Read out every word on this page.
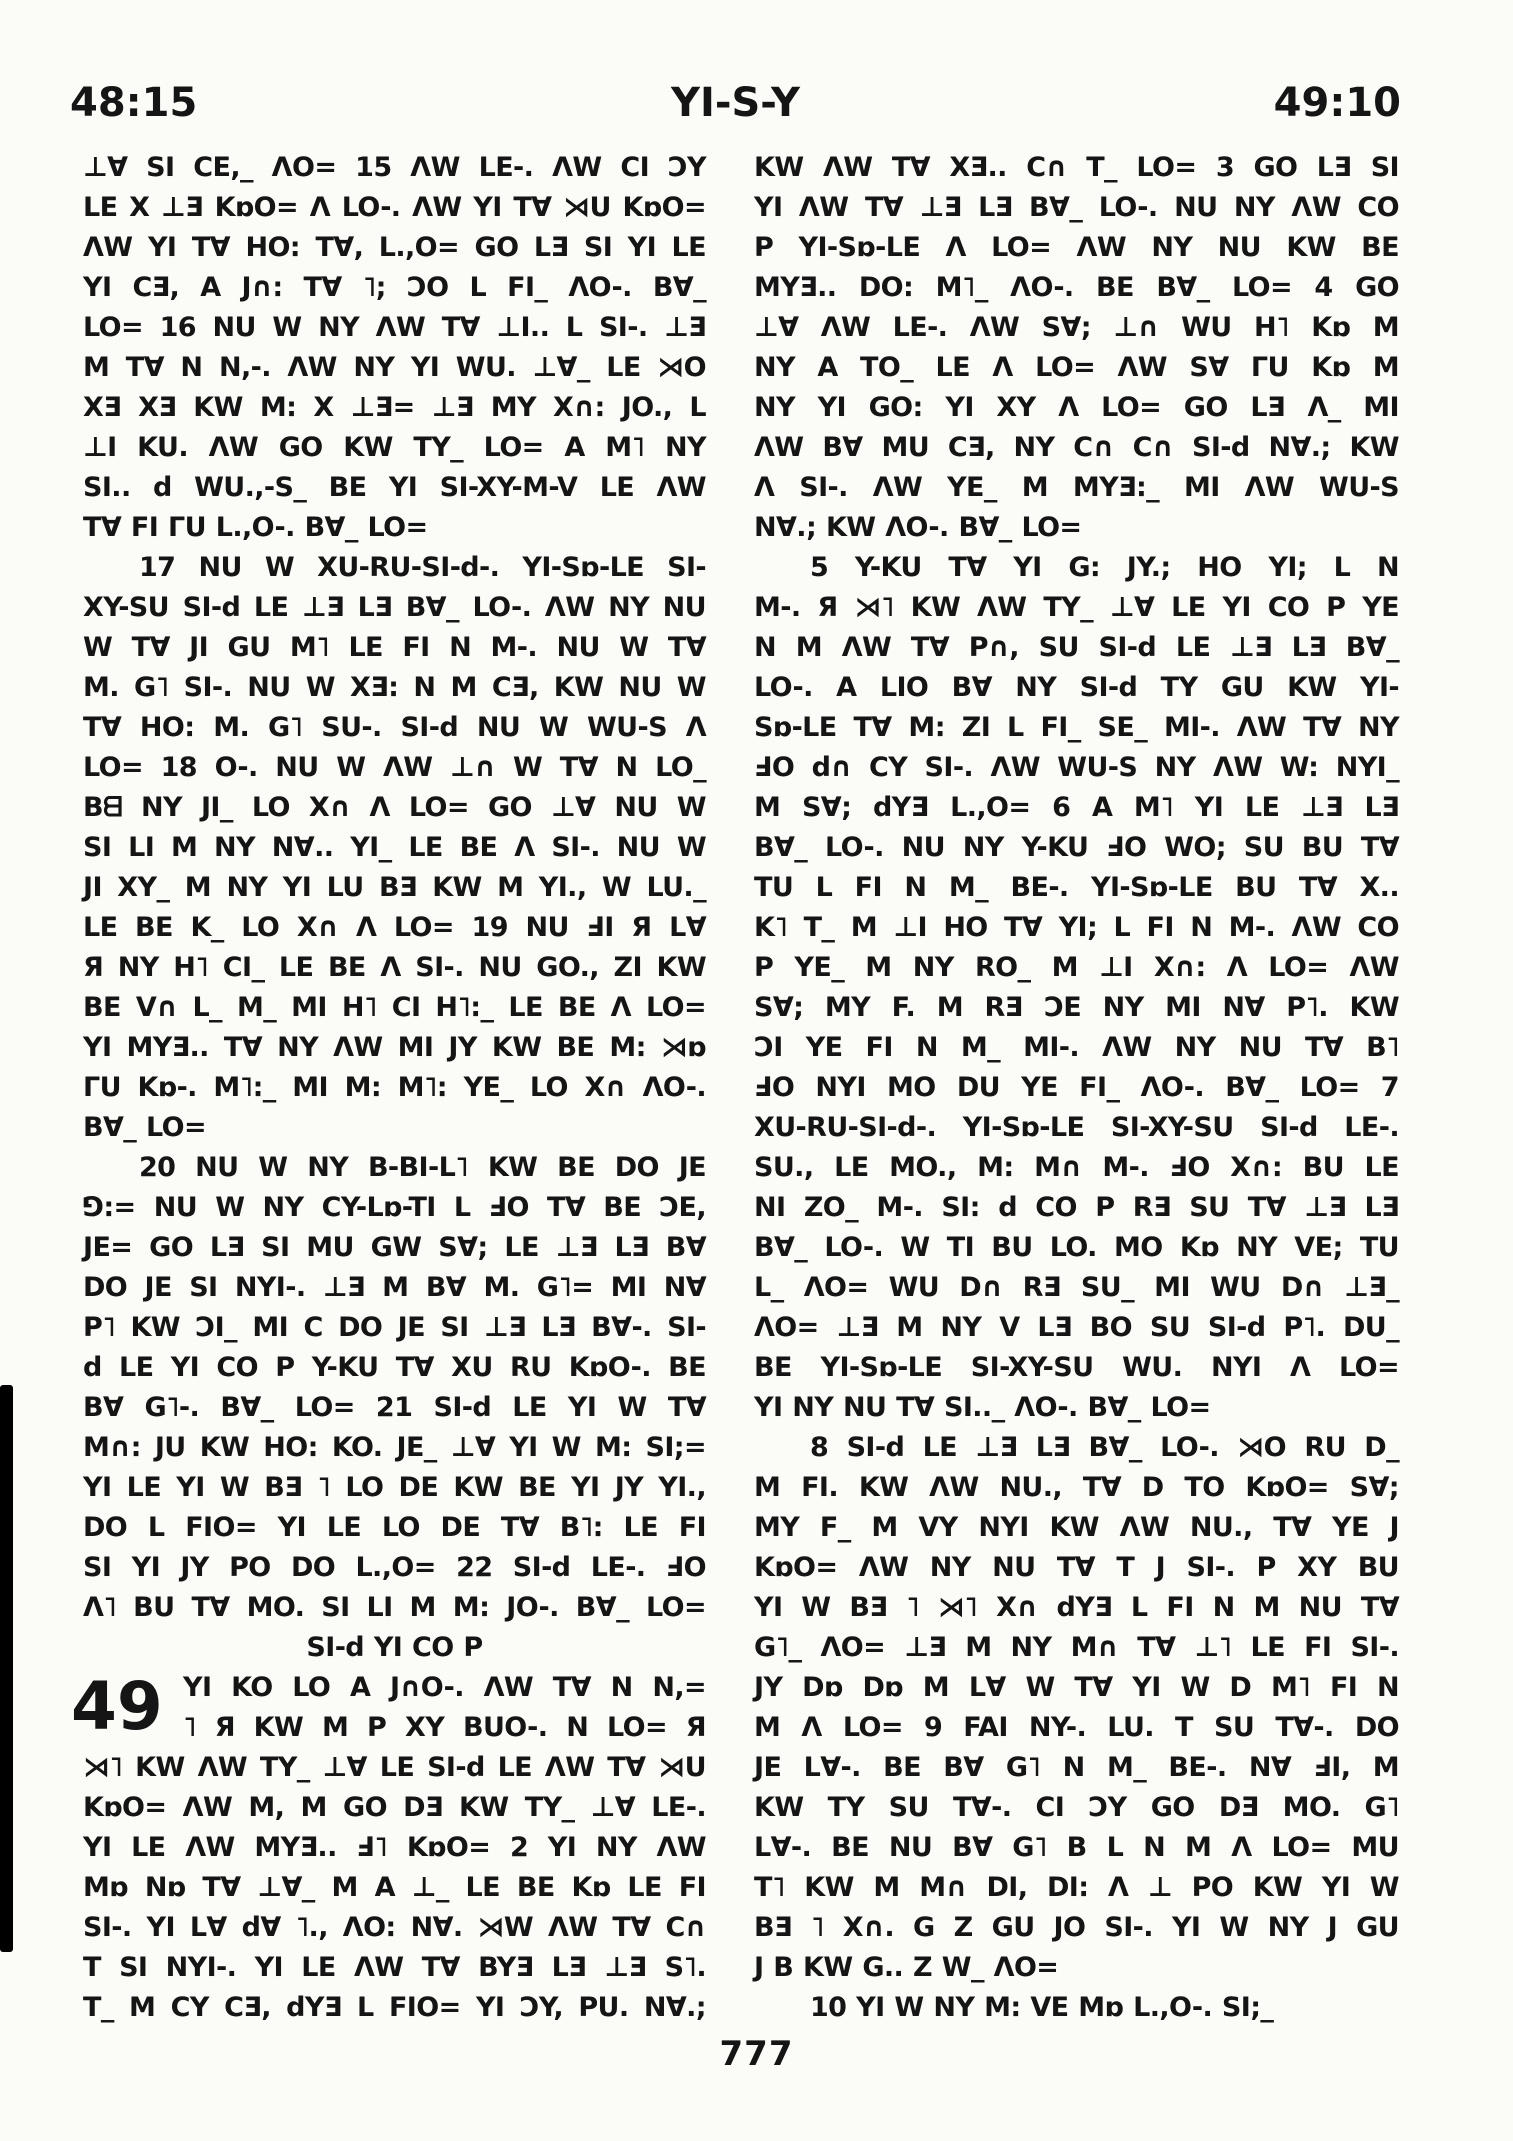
48:15	YI-S-Y	49:10
⊥∀ SI CE,_ ɅO= 15 ɅW LE-. ɅW CI ƆY
LE X ⊥Ǝ KɒO= Ʌ LO-. ɅW YI T∀ ⋊U KɒO=
ɅW YI T∀ HO: T∀, L.,O= GO LƎ SI YI LE
YI CƎ, A J∩: T∀ ˥; ƆO L FI_ ɅO-. B∀_
LO= 16 NU W NY ɅW T∀ ⊥I.. L SI-. ⊥Ǝ
M T∀ N N,-. ɅW NY YI WU. ⊥∀_ LE ⋊O
XƎ XƎ KW M: X ⊥Ǝ= ⊥Ǝ MY X∩: JO., L
⊥I KU. ɅW GO KW TY_ LO= A M˥ NY
SI.. d WU.,-S_ BE YI SI-XY-M-V LE ɅW
T∀ FI ΓU L.,O-. B∀_ LO=
17 NU W XU-RU-SI-d-. YI-Sɒ-LE SI-
XY-SU SI-d LE ⊥Ǝ LƎ B∀_ LO-. ɅW NY NU
W T∀ JI GU M˥ LE FI N M-. NU W T∀
M. G˥ SI-. NU W XƎ: N M CƎ, KW NU W
T∀ HO: M. G˥ SU-. SI-d NU W WU-S Ʌ
LO= 18 O-. NU W ɅW ⊥∩ W T∀ N LO_
Bᗺ NY JI_ LO X∩ Ʌ LO= GO ⊥∀ NU W
SI LI M NY N∀.. YI_ LE BE Ʌ SI-. NU W
JI XY_ M NY YI LU BƎ KW M YI., W LU._
LE BE K_ LO X∩ Ʌ LO= 19 NU ℲI Я L∀
Я NY H˥ CI_ LE BE Ʌ SI-. NU GO., ZI KW
BE V∩ L_ M_ MI H˥ CI H˥:_ LE BE Ʌ LO=
YI MYƎ.. T∀ NY ɅW MI JY KW BE M: ⋊ɒ
ΓU Kɒ-. M˥:_ MI M: M˥: YE_ LO X∩ ɅO-.
B∀_ LO=
20 NU W NY B-BI-L˥ KW BE DO JE
⅁:= NU W NY CY-Lɒ-TI L ℲO T∀ BE ƆE,
JE= GO LƎ SI MU GW S∀; LE ⊥Ǝ LƎ B∀
DO JE SI NYI-. ⊥Ǝ M B∀ M. G˥= MI N∀
P˥ KW ƆI_ MI C DO JE SI ⊥Ǝ LƎ B∀-. SI-
d LE YI CO P Y-KU T∀ XU RU KɒO-. BE
B∀ G˥-. B∀_ LO= 21 SI-d LE YI W T∀
M∩: JU KW HO: KO. JE_ ⊥∀ YI W M: SI;=
YI LE YI W BƎ ˥ LO DE KW BE YI JY YI.,
DO L FIO= YI LE LO DE T∀ B˥: LE FI
SI YI JY PO DO L.,O= 22 SI-d LE-. ℲO
Ʌ˥ BU T∀ MO. SI LI M M: JO-. B∀_ LO=
SI-d YI CO P
49 YI KO LO A J∩O-. ɅW T∀ N N,=
˥ Я KW M P XY BUO-. N LO= Я
⋊˥ KW ɅW TY_ ⊥∀ LE SI-d LE ɅW T∀ ⋊U
KɒO= ɅW M, M GO DƎ KW TY_ ⊥∀ LE-.
YI LE ɅW MYƎ.. Ⅎ˥ KɒO= 2 YI NY ɅW
Mɒ Nɒ T∀ ⊥∀_ M A ⊥_ LE BE Kɒ LE FI
SI-. YI L∀ d∀ ˥., ɅO: N∀. ⋊W ɅW T∀ C∩
T SI NYI-. YI LE ɅW T∀ BYƎ LƎ ⊥Ǝ S˥.
T_ M CY CƎ, dYƎ L FIO= YI ƆY, PU. N∀.;
KW ɅW T∀ XƎ.. C∩ T_ LO= 3 GO LƎ SI
YI ɅW T∀ ⊥Ǝ LƎ B∀_ LO-. NU NY ɅW CO
P YI-Sɒ-LE Ʌ LO= ɅW NY NU KW BE
MYƎ.. DO: M˥_ ɅO-. BE B∀_ LO= 4 GO
⊥∀ ɅW LE-. ɅW S∀; ⊥∩ WU H˥ Kɒ M
NY A TO_ LE Ʌ LO= ɅW S∀ ΓU Kɒ M
NY YI GO: YI XY Ʌ LO= GO LƎ Ʌ_ MI
ɅW B∀ MU CƎ, NY C∩ C∩ SI-d N∀.; KW
Ʌ SI-. ɅW YE_ M MYƎ:_ MI ɅW WU-S
N∀.; KW ɅO-. B∀_ LO=
5 Y-KU T∀ YI G: JY.; HO YI; L N
M-. Я ⋊˥ KW ɅW TY_ ⊥∀ LE YI CO P YE
N M ɅW T∀ P∩, SU SI-d LE ⊥Ǝ LƎ B∀_
LO-. A LIO B∀ NY SI-d TY GU KW YI-
Sɒ-LE T∀ M: ZI L FI_ SE_ MI-. ɅW T∀ NY
ℲO d∩ CY SI-. ɅW WU-S NY ɅW W: NYI_
M S∀; dYƎ L.,O= 6 A M˥ YI LE ⊥Ǝ LƎ
B∀_ LO-. NU NY Y-KU ℲO WO; SU BU T∀
TU L FI N M_ BE-. YI-Sɒ-LE BU T∀ X..
K˥ T_ M ⊥I HO T∀ YI; L FI N M-. ɅW CO
P YE_ M NY RO_ M ⊥I X∩: Ʌ LO= ɅW
S∀; MY F. M RƎ ƆE NY MI N∀ P˥. KW
ƆI YE FI N M_ MI-. ɅW NY NU T∀ B˥
ℲO NYI MO DU YE FI_ ɅO-. B∀_ LO= 7
XU-RU-SI-d-. YI-Sɒ-LE SI-XY-SU SI-d LE-.
SU., LE MO., M: M∩ M-. ℲO X∩: BU LE
NI ZO_ M-. SI: d CO P RƎ SU T∀ ⊥Ǝ LƎ
B∀_ LO-. W TI BU LO. MO Kɒ NY VE; TU
L_ ɅO= WU D∩ RƎ SU_ MI WU D∩ ⊥Ǝ_
ɅO= ⊥Ǝ M NY V LƎ BO SU SI-d P˥. DU_
BE YI-Sɒ-LE SI-XY-SU WU. NYI Ʌ LO=
YI NY NU T∀ SI.._ ɅO-. B∀_ LO=
8 SI-d LE ⊥Ǝ LƎ B∀_ LO-. ⋊O RU D_
M FI. KW ɅW NU., T∀ D TO KɒO= S∀;
MY F_ M VY NYI KW ɅW NU., T∀ YE J
KɒO= ɅW NY NU T∀ T J SI-. P XY BU
YI W BƎ ˥ ⋊˥ X∩ dYƎ L FI N M NU T∀
G˥_ ɅO= ⊥Ǝ M NY M∩ T∀ ⊥˥ LE FI SI-.
JY Dɒ Dɒ M L∀ W T∀ YI W D M˥ FI N
M Ʌ LO= 9 FAI NY-. LU. T SU T∀-. DO
JE L∀-. BE B∀ G˥ N M_ BE-. N∀ ℲI, M
KW TY SU T∀-. CI ƆY GO DƎ MO. G˥
L∀-. BE NU B∀ G˥ B L N M Ʌ LO= MU
T˥ KW M M∩ DI, DI: Ʌ ⊥ PO KW YI W
BƎ ˥ X∩. G Z GU JO SI-. YI W NY J GU
J B KW G.. Z W_ ɅO=
10 YI W NY M: VE Mɒ L.,O-. SI;_
777
